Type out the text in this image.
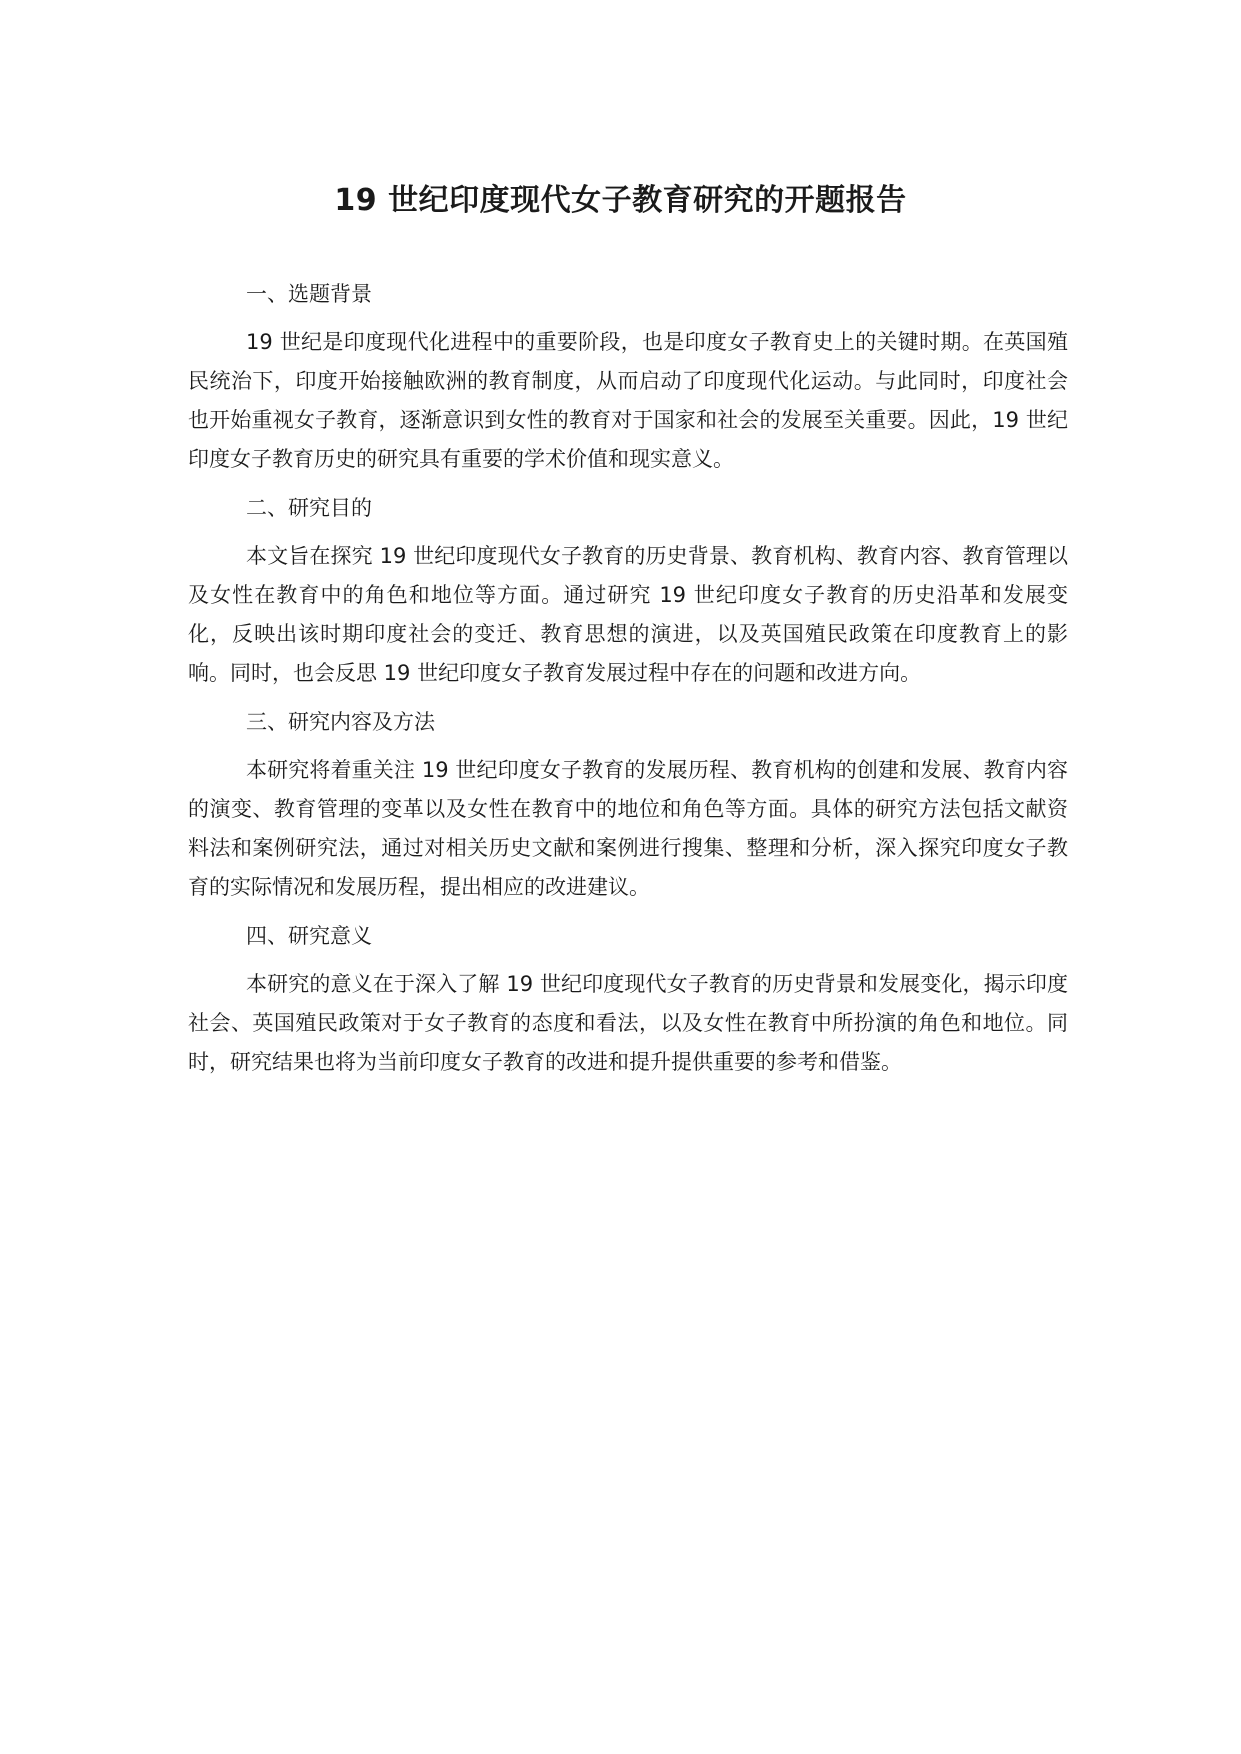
19 世纪印度现代女子教育研究的开题报告

一、选题背景

19 世纪是印度现代化进程中的重要阶段，也是印度女子教育史上的关键时期。在英国殖民统治下，印度开始接触欧洲的教育制度，从而启动了印度现代化运动。与此同时，印度社会也开始重视女子教育，逐渐意识到女性的教育对于国家和社会的发展至关重要。因此，19 世纪印度女子教育历史的研究具有重要的学术价值和现实意义。

二、研究目的

本文旨在探究 19 世纪印度现代女子教育的历史背景、教育机构、教育内容、教育管理以及女性在教育中的角色和地位等方面。通过研究 19 世纪印度女子教育的历史沿革和发展变化，反映出该时期印度社会的变迁、教育思想的演进，以及英国殖民政策在印度教育上的影响。同时，也会反思 19 世纪印度女子教育发展过程中存在的问题和改进方向。

三、研究内容及方法

本研究将着重关注 19 世纪印度女子教育的发展历程、教育机构的创建和发展、教育内容的演变、教育管理的变革以及女性在教育中的地位和角色等方面。具体的研究方法包括文献资料法和案例研究法，通过对相关历史文献和案例进行搜集、整理和分析，深入探究印度女子教育的实际情况和发展历程，提出相应的改进建议。

四、研究意义

本研究的意义在于深入了解 19 世纪印度现代女子教育的历史背景和发展变化，揭示印度社会、英国殖民政策对于女子教育的态度和看法，以及女性在教育中所扮演的角色和地位。同时，研究结果也将为当前印度女子教育的改进和提升提供重要的参考和借鉴。
